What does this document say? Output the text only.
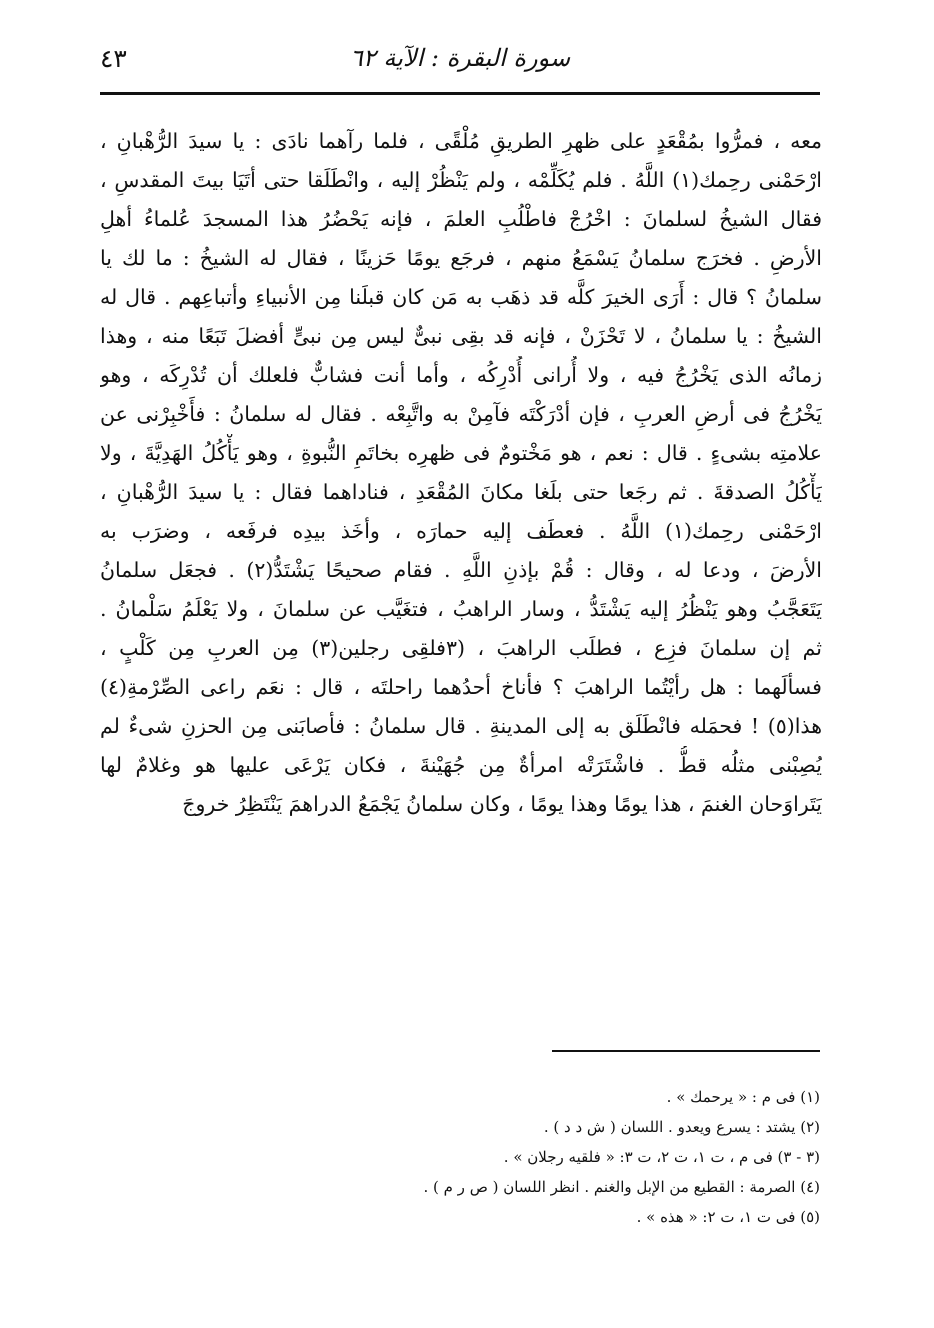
٤٣	سورة البقرة : الآية ٦٢
معه ، فمرُّوا بمُقْعَدٍ على ظهرِ الطريقِ مُلْقًى ، فلما رآهما نادَى : يا سيدَ الرُّهْبانِ ،
ارْحَمْنى رحِمك(١) اللَّهُ . فلم يُكَلِّمْه ، ولم يَنْظُرْ إليه ، وانْطَلَقا حتى أتَيَا بيتَ المقدسِ ،
فقال الشيخُ لسلمانَ : اخْرُجْ فاطْلُبِ العلمَ ، فإنه يَحْضُرُ هذا المسجدَ عُلماءُ أهلِ
الأرضِ . فخرَج سلمانُ يَسْمَعُ منهم ، فرجَع يومًا حَزينًا ، فقال له الشيخُ : ما لك يا
سلمانُ ؟ قال : أَرَى الخيرَ كلَّه قد ذهَب به مَن كان قبلَنا مِن الأنبياءِ وأتباعِهم . قال له
الشيخُ : يا سلمانُ ، لا تَحْزَنْ ، فإنه قد بقِى نبىٌّ ليس مِن نبىٍّ أفضلَ تَبَعًا منه ، وهذا
زمانُه الذى يَخْرُجُ فيه ، ولا أُرانى أُدْرِكُه ، وأما أنت فشابٌّ فلعلك أن تُدْرِكَه ، وهو
يَخْرُجُ فى أرضِ العربِ ، فإن أدْرَكْتَه فآمِنْ به واتَّبِعْه . فقال له سلمانُ : فأَخْبِرْنى عن
علامتِه بشىءٍ . قال : نعم ، هو مَخْتومٌ فى ظهرِه بخاتَمِ النُّبوةِ ، وهو يَأْكُلُ الهَدِيَّةَ ، ولا
يَأْكُلُ الصدقةَ . ثم رجَعا حتى بلَغا مكانَ المُقْعَدِ ، فناداهما فقال : يا سيدَ الرُّهْبانِ ،
ارْحَمْنى رحِمك(١) اللَّهُ . فعطَف إليه حمارَه ، وأخَذ بيدِه فرفَعه ، وضرَب به
الأرضَ ، ودعا له ، وقال : قُمْ بإذنِ اللَّهِ . فقام صحيحًا يَشْتَدُّ(٢) . فجعَل سلمانُ
يَتَعَجَّبُ وهو يَنْظُرُ إليه يَشْتَدُّ ، وسار الراهبُ ، فتغَيَّب عن سلمانَ ، ولا يَعْلَمُ سَلْمانُ .
ثم إن سلمانَ فزِع ، فطلَب الراهبَ ، (٣فلقِى رجلين(٣) مِن العربِ مِن كَلْبٍ ،
فسألَهما : هل رأيْتُما الراهبَ ؟ فأناخ أحدُهما راحلتَه ، قال : نعَم راعى الصِّرْمةِ(٤)
هذا(٥) ! فحمَله فانْطَلَق به إلى المدينةِ . قال سلمانُ : فأصابَنى مِن الحزنِ شىءٌ لم
يُصِبْنى مثلُه قطُّ . فاشْتَرَتْه امرأةٌ مِن جُهَيْنةَ ، فكان يَرْعَى عليها هو وغلامٌ لها
يَتَراوَحان الغنمَ ، هذا يومًا وهذا يومًا ، وكان سلمانُ يَجْمَعُ الدراهمَ يَنْتَظِرُ خروجَ
(١) فى م : « يرحمك » .
(٢) يشتد : يسرع ويعدو . اللسان ( ش د د ) .
(٣ - ٣) فى م ، ت ١، ت ٢، ت ٣: « فلقيه رجلان » .
(٤) الصرمة : القطيع من الإبل والغنم . انظر اللسان ( ص ر م ) .
(٥) فى ت ١، ت ٢: « هذه » .
